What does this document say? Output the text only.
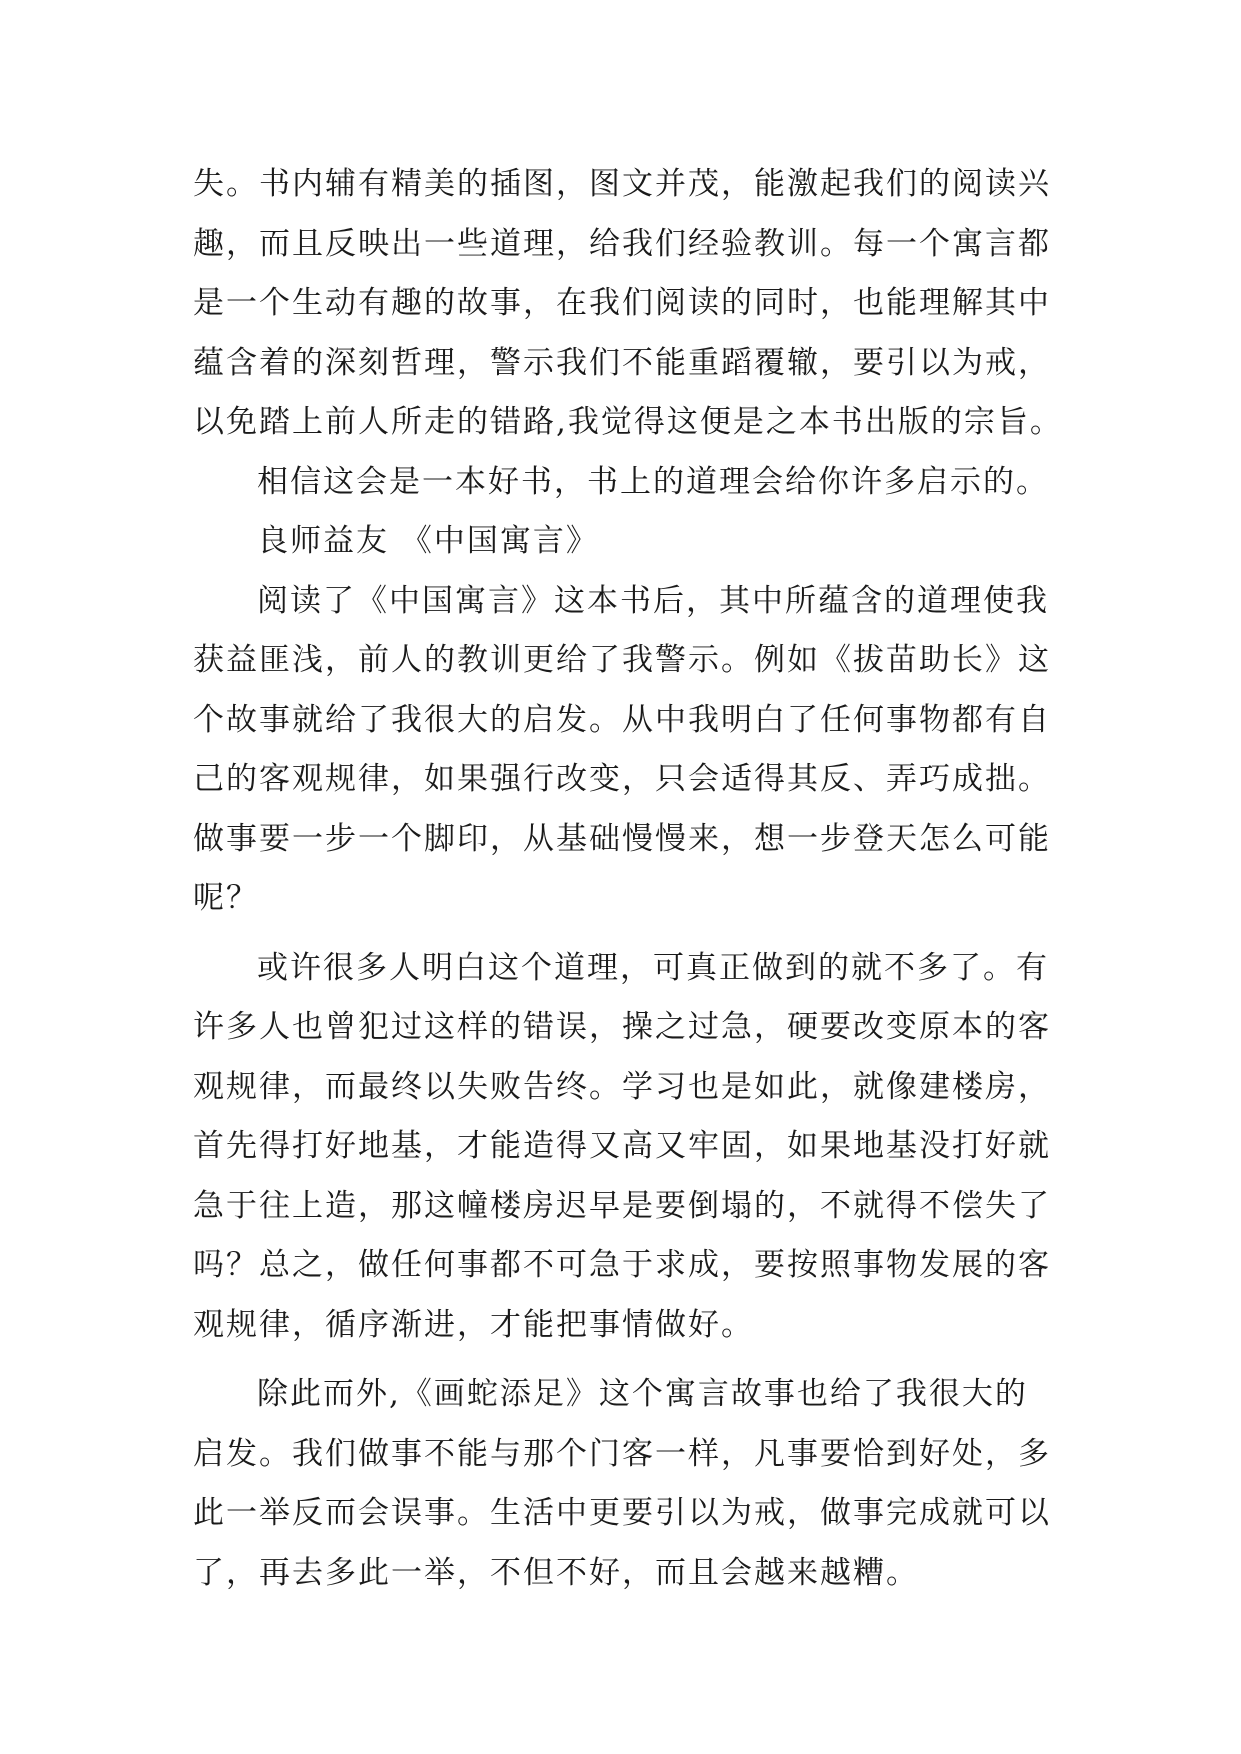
失。书内辅有精美的插图，图文并茂，能激起我们的阅读兴
趣，而且反映出一些道理，给我们经验教训。每一个寓言都
是一个生动有趣的故事，在我们阅读的同时，也能理解其中
蕴含着的深刻哲理，警示我们不能重蹈覆辙，要引以为戒，
以免踏上前人所走的错路,我觉得这便是之本书出版的宗旨。
相信这会是一本好书，书上的道理会给你许多启示的。
良师益友 《中国寓言》
阅读了《中国寓言》这本书后，其中所蕴含的道理使我
获益匪浅，前人的教训更给了我警示。例如《拔苗助长》这
个故事就给了我很大的启发。从中我明白了任何事物都有自
己的客观规律，如果强行改变，只会适得其反、弄巧成拙。
做事要一步一个脚印，从基础慢慢来，想一步登天怎么可能
呢？
或许很多人明白这个道理，可真正做到的就不多了。有
许多人也曾犯过这样的错误，操之过急，硬要改变原本的客
观规律，而最终以失败告终。学习也是如此，就像建楼房，
首先得打好地基，才能造得又高又牢固，如果地基没打好就
急于往上造，那这幢楼房迟早是要倒塌的，不就得不偿失了
吗？总之，做任何事都不可急于求成，要按照事物发展的客
观规律，循序渐进，才能把事情做好。
除此而外,《画蛇添足》这个寓言故事也给了我很大的
启发。我们做事不能与那个门客一样，凡事要恰到好处，多
此一举反而会误事。生活中更要引以为戒，做事完成就可以
了，再去多此一举，不但不好，而且会越来越糟。
